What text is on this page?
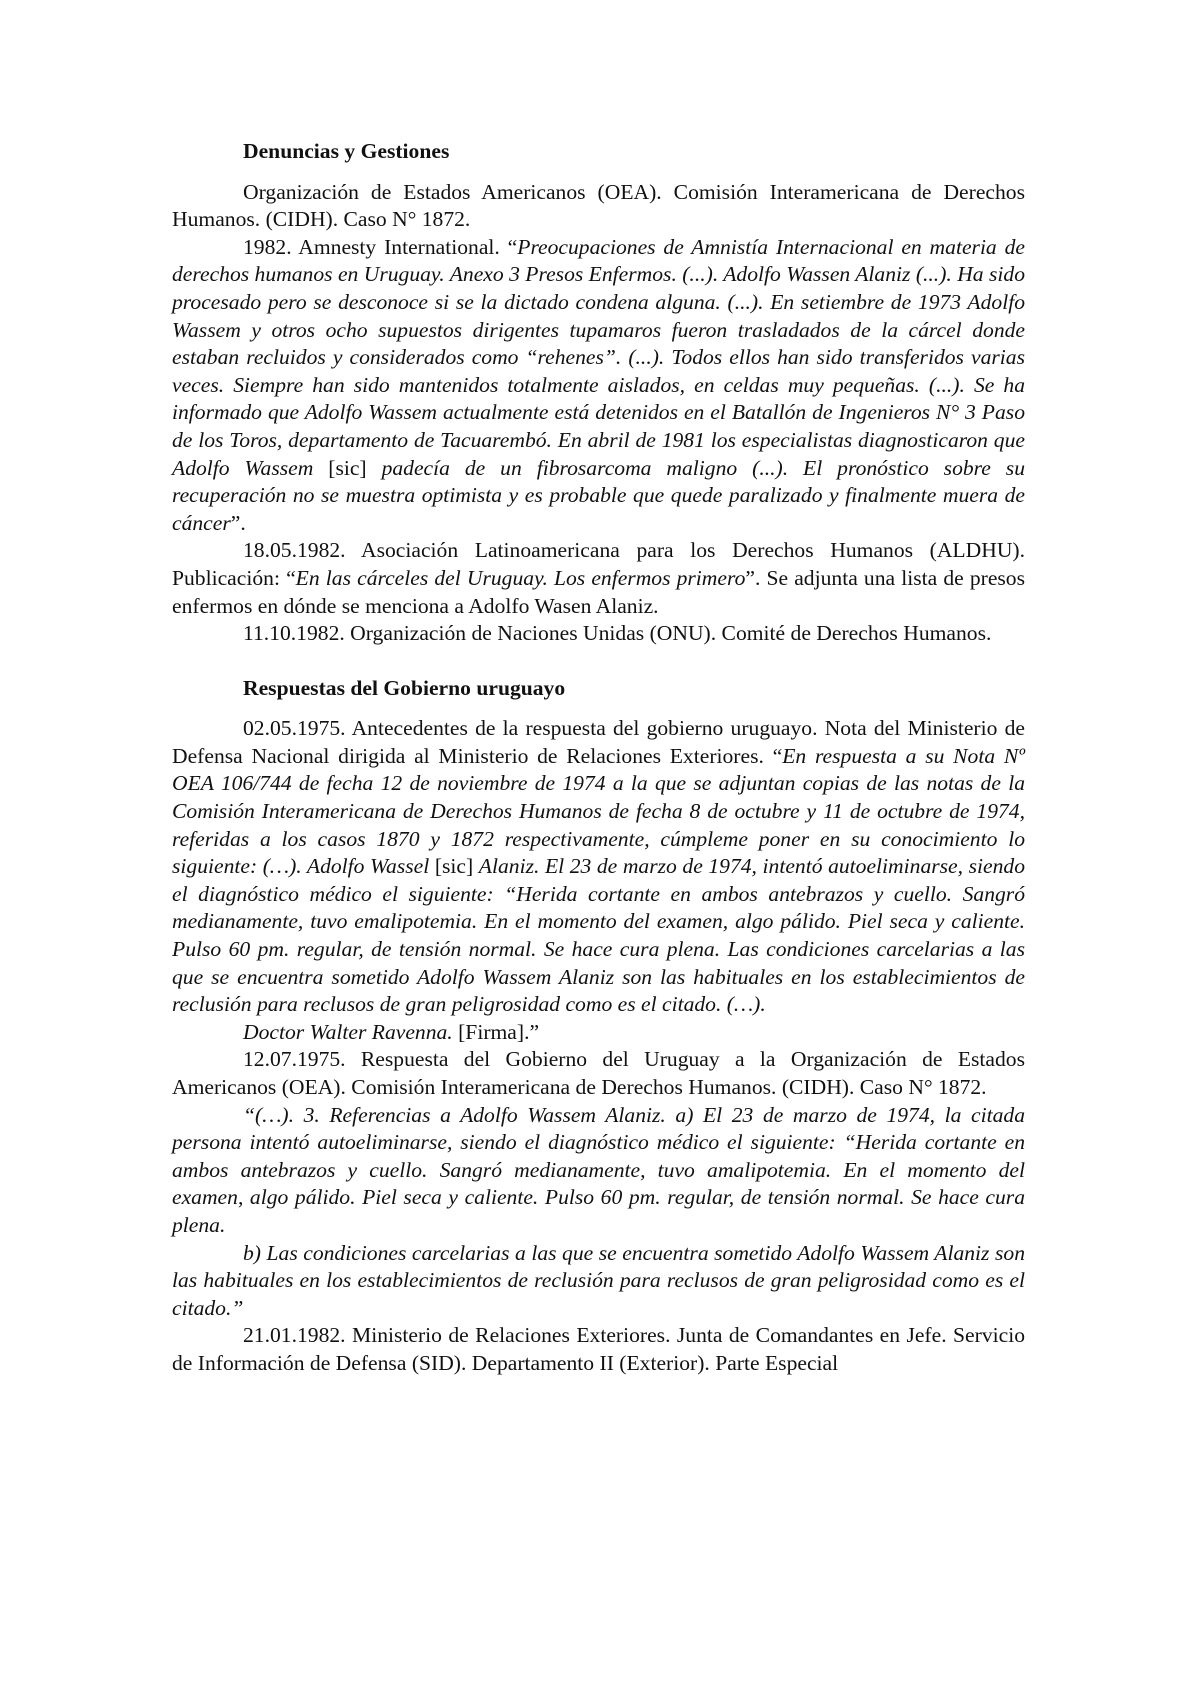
Denuncias y Gestiones

Organización de Estados Americanos (OEA). Comisión Interamericana de Derechos Humanos. (CIDH). Caso N° 1872.

1982. Amnesty International. “Preocupaciones de Amnistía Internacional en materia de derechos humanos en Uruguay. Anexo 3 Presos Enfermos. (...). Adolfo Wassen Alaniz (...). Ha sido procesado pero se desconoce si se la dictado condena alguna. (...). En setiembre de 1973 Adolfo Wassem y otros ocho supuestos dirigentes tupamaros fueron trasladados de la cárcel donde estaban recluidos y considerados como “rehenes”. (...). Todos ellos han sido transferidos varias veces. Siempre han sido mantenidos totalmente aislados, en celdas muy pequeñas. (...). Se ha informado que Adolfo Wassem actualmente está detenidos en el Batallón de Ingenieros N° 3 Paso de los Toros, departamento de Tacuarembó. En abril de 1981 los especialistas diagnosticaron que Adolfo Wassem [sic] padecía de un fibrosarcoma maligno (...). El pronóstico sobre su recuperación no se muestra optimista y es probable que quede paralizado y finalmente muera de cáncer”.

18.05.1982. Asociación Latinoamericana para los Derechos Humanos (ALDHU). Publicación: “En las cárceles del Uruguay. Los enfermos primero”. Se adjunta una lista de presos enfermos en dónde se menciona a Adolfo Wasen Alaniz.

11.10.1982. Organización de Naciones Unidas (ONU). Comité de Derechos Humanos.

Respuestas del Gobierno uruguayo

02.05.1975. Antecedentes de la respuesta del gobierno uruguayo. Nota del Ministerio de Defensa Nacional dirigida al Ministerio de Relaciones Exteriores. “En respuesta a su Nota Nº OEA 106/744 de fecha 12 de noviembre de 1974 a la que se adjuntan copias de las notas de la Comisión Interamericana de Derechos Humanos de fecha 8 de octubre y 11 de octubre de 1974, referidas a los casos 1870 y 1872 respectivamente, cúmpleme poner en su conocimiento lo siguiente: (…). Adolfo Wassel [sic] Alaniz. El 23 de marzo de 1974, intentó autoeliminarse, siendo el diagnóstico médico el siguiente: “Herida cortante en ambos antebrazos y cuello. Sangró medianamente, tuvo emalipotemia. En el momento del examen, algo pálido. Piel seca y caliente. Pulso 60 pm. regular, de tensión normal. Se hace cura plena. Las condiciones carcelarias a las que se encuentra sometido Adolfo Wassem Alaniz son las habituales en los establecimientos de reclusión para reclusos de gran peligrosidad como es el citado. (…).

Doctor Walter Ravenna. [Firma].”

12.07.1975. Respuesta del Gobierno del Uruguay a la Organización de Estados Americanos (OEA). Comisión Interamericana de Derechos Humanos. (CIDH). Caso N° 1872.

“(…). 3. Referencias a Adolfo Wassem Alaniz. a) El 23 de marzo de 1974, la citada persona intentó autoeliminarse, siendo el diagnóstico médico el siguiente: “Herida cortante en ambos antebrazos y cuello. Sangró medianamente, tuvo amalipotemia. En el momento del examen, algo pálido. Piel seca y caliente. Pulso 60 pm. regular, de tensión normal. Se hace cura plena.

b) Las condiciones carcelarias a las que se encuentra sometido Adolfo Wassem Alaniz son las habituales en los establecimientos de reclusión para reclusos de gran peligrosidad como es el citado.”

21.01.1982. Ministerio de Relaciones Exteriores. Junta de Comandantes en Jefe. Servicio de Información de Defensa (SID). Departamento II (Exterior). Parte Especial
